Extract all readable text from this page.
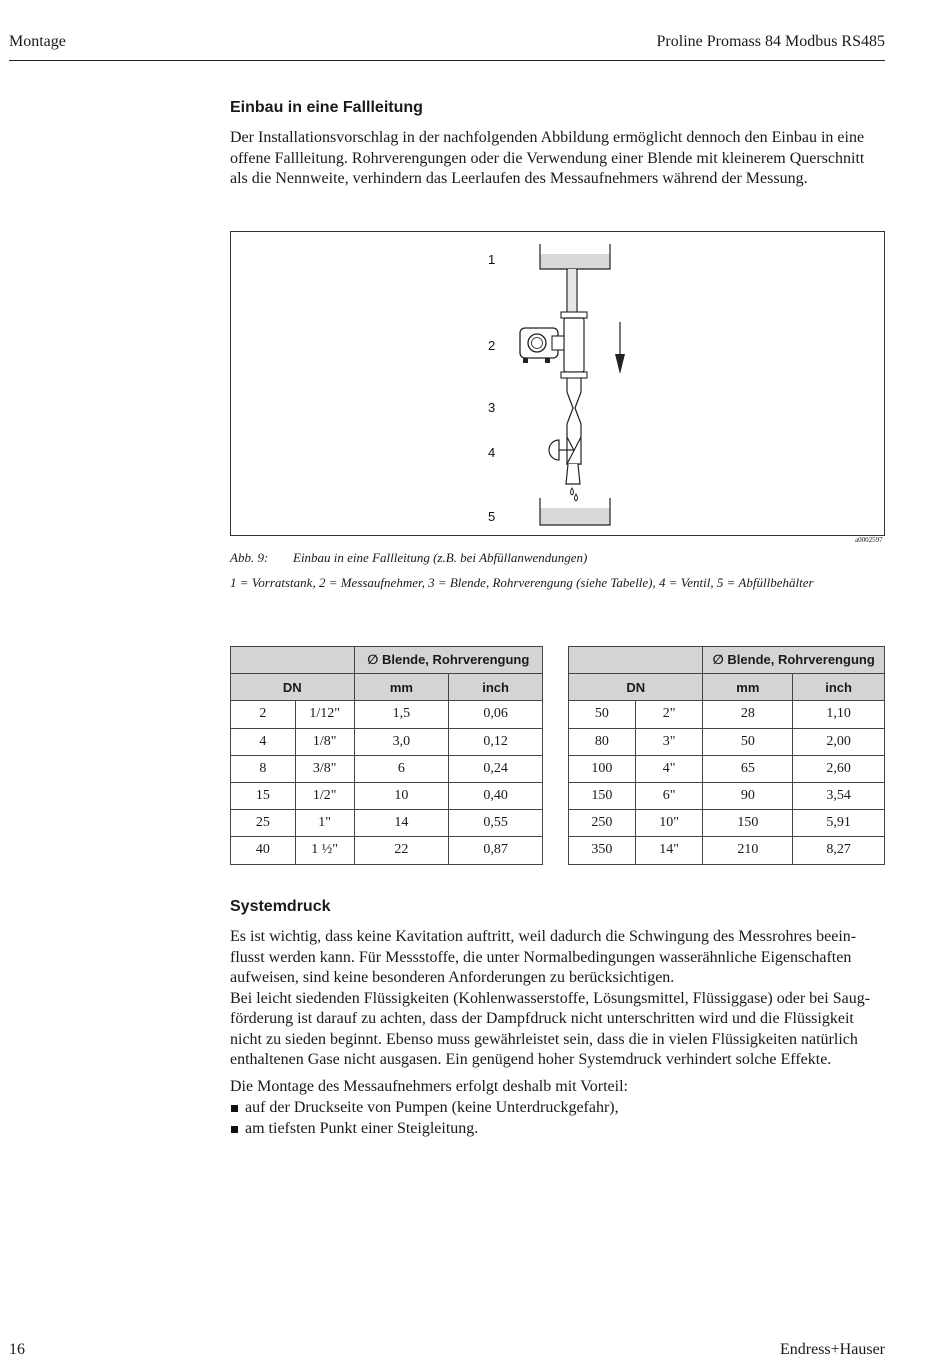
Montage	Proline Promass 84 Modbus RS485
Einbau in eine Fallleitung

Der Installationsvorschlag in der nachfolgenden Abbildung ermöglicht dennoch den Einbau in eine offene Fallleitung. Rohrverengungen oder die Verwendung einer Blende mit kleinerem Querschnitt als die Nennweite, verhindern das Leerlaufen des Messaufnehmers während der Messung.

1
2
3
4
5
a0002597
Abb. 9: Einbau in eine Fallleitung (z.B. bei Abfüllanwendungen)
1 = Vorratstank, 2 = Messaufnehmer, 3 = Blende, Rohrverengung (siehe Tabelle), 4 = Ventil, 5 = Abfüllbehälter
		∅ Blende, Rohrverengung	
DN		mm	inch
2	1/12"	1,5	0,06
4	1/8"	3,0	0,12
8	3/8"	6	0,24
15	1/2"	10	0,40
25	1"	14	0,55
40	1 ½"	22	0,87
		∅ Blende, Rohrverengung	
DN		mm	inch
50	2"	28	1,10
80	3"	50	2,00
100	4"	65	2,60
150	6"	90	3,54
250	10"	150	5,91
350	14"	210	8,27
Systemdruck
Es ist wichtig, dass keine Kavitation auftritt, weil dadurch die Schwingung des Messrohres beein-
flusst werden kann. Für Messstoffe, die unter Normalbedingungen wasserähnliche Eigenschaften
aufweisen, sind keine besonderen Anforderungen zu berücksichtigen.
Bei leicht siedenden Flüssigkeiten (Kohlenwasserstoffe, Lösungsmittel, Flüssiggase) oder bei Saug-
förderung ist darauf zu achten, dass der Dampfdruck nicht unterschritten wird und die Flüssigkeit
nicht zu sieden beginnt. Ebenso muss gewährleistet sein, dass die in vielen Flüssigkeiten natürlich
enthaltenen Gase nicht ausgasen. Ein genügend hoher Systemdruck verhindert solche Effekte.

Die Montage des Messaufnehmers erfolgt deshalb mit Vorteil:

auf der Druckseite von Pumpen (keine Unterdruckgefahr),
am tiefsten Punkt einer Steigleitung.
16	Endress+Hauser
